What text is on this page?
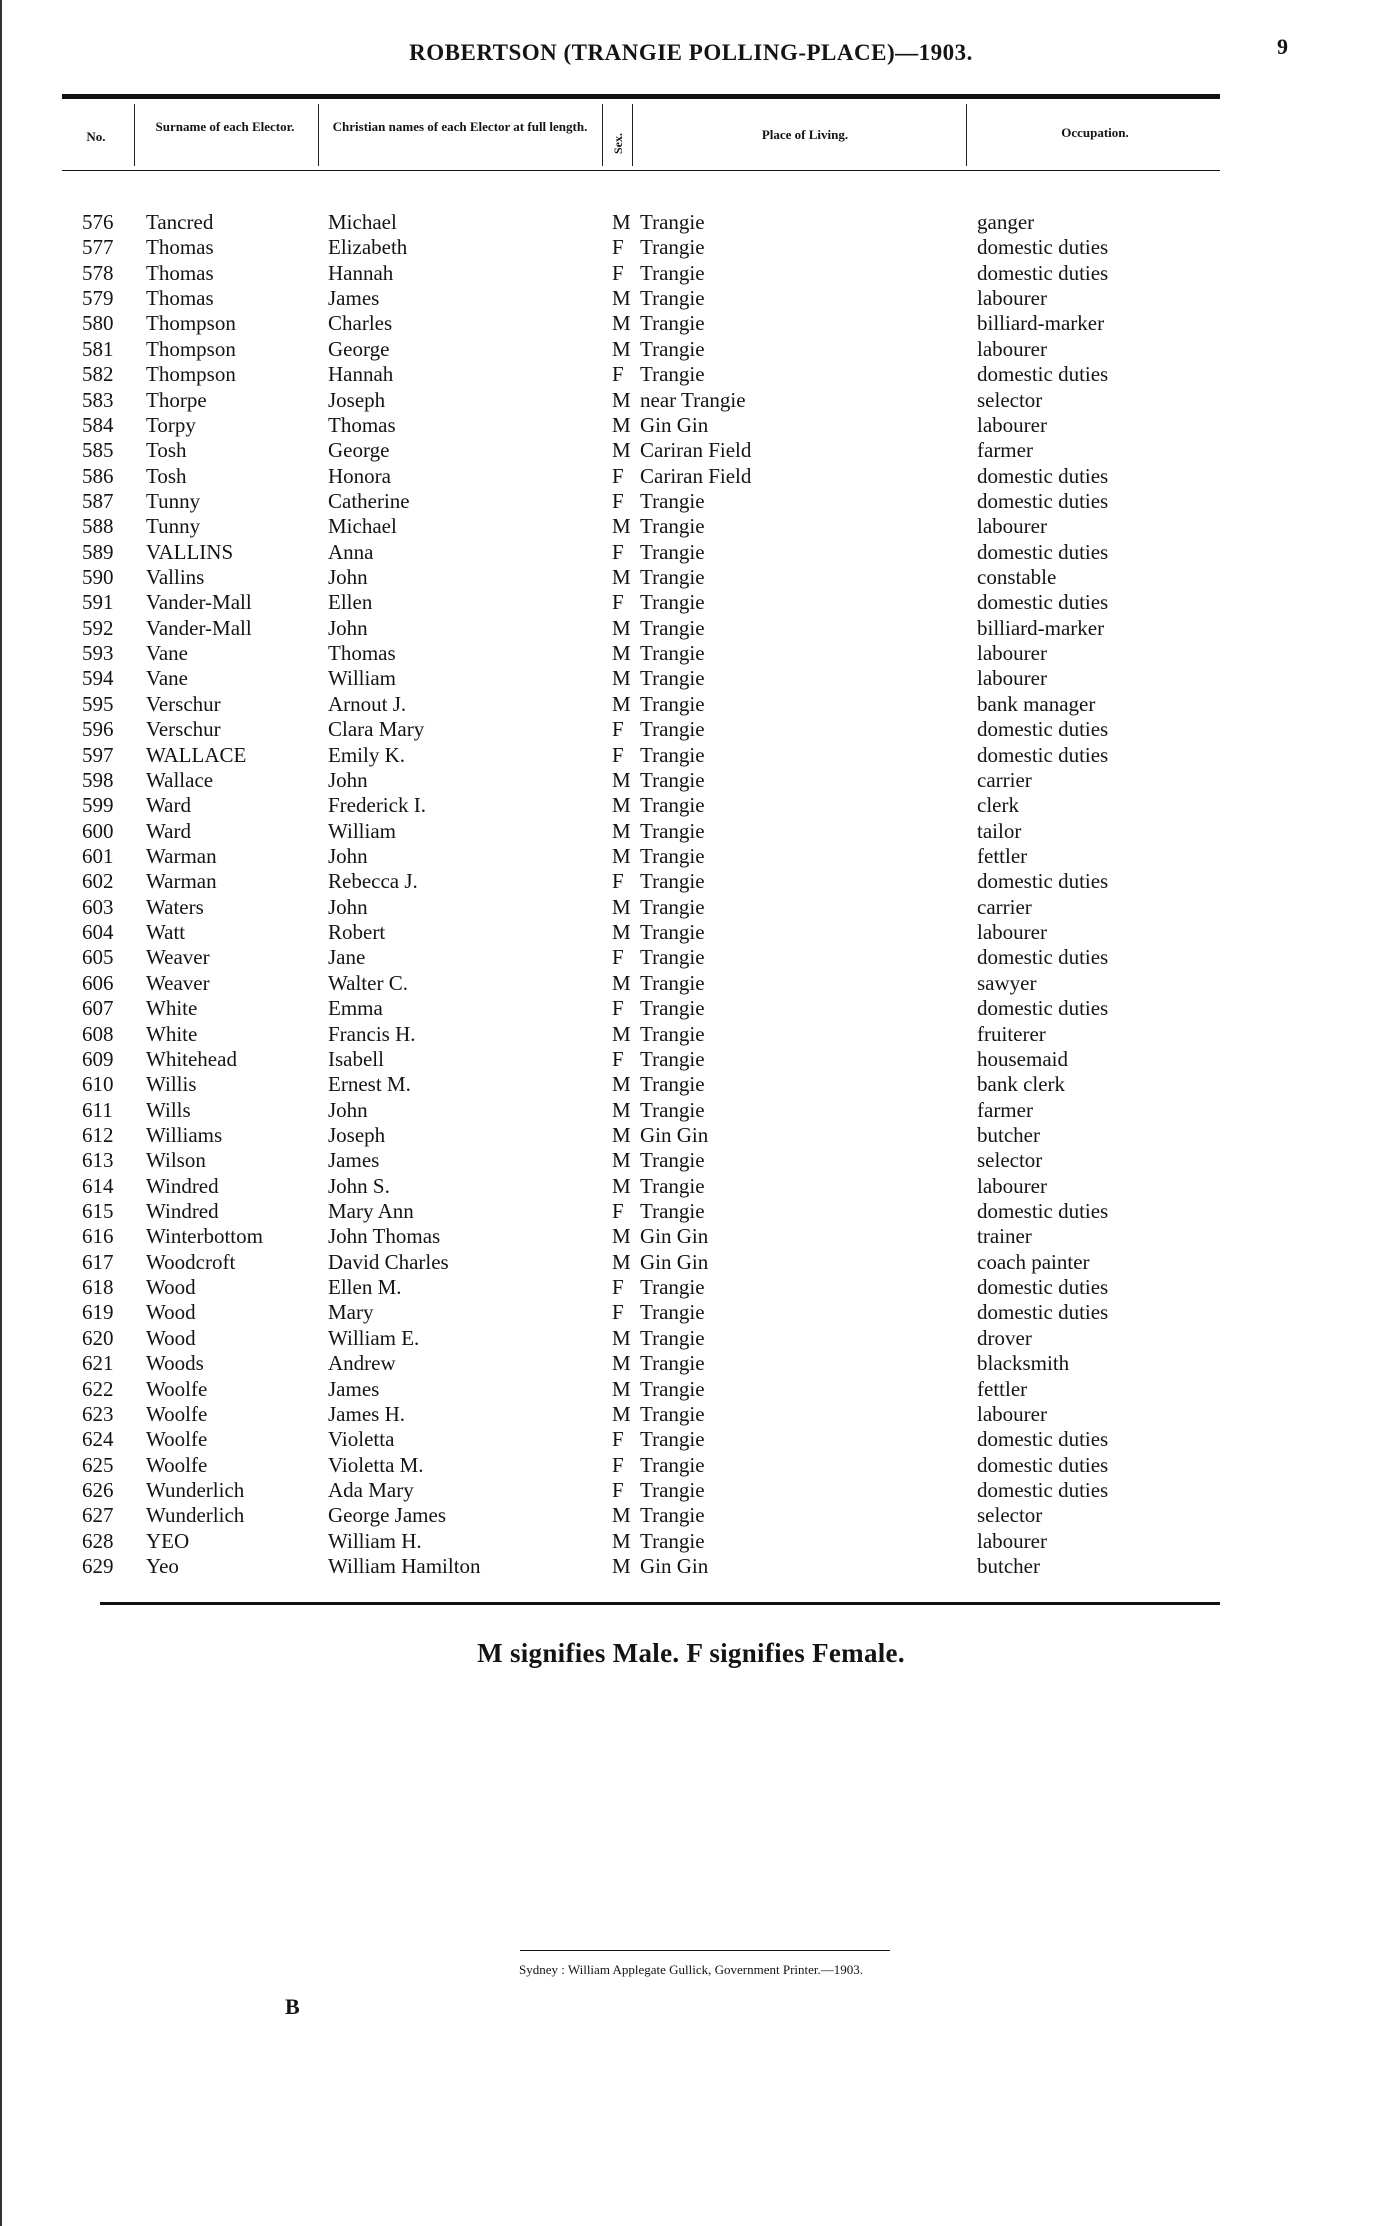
ROBERTSON (TRANGIE POLLING-PLACE)—1903.	9
No.
Surname of each Elector.	Christian names of each Elector at full length.
Sex.	Place of Living.	Occupation.
576 Tancred	Michael	M Trangie	ganger
577 Thomas	Elizabeth	F Trangie	domestic duties
578 Thomas	Hannah	F Trangie	domestic duties
579 Thomas	James	M Trangie	labourer
580 Thompson	Charles	M Trangie	billiard-marker
581 Thompson	George	M Trangie	labourer
582 Thompson	Hannah	F Trangie	domestic duties
583 Thorpe	Joseph	M near Trangie	selector
584 Torpy	Thomas	M Gin Gin	labourer
585 Tosh	George	M Cariran Field	farmer
586 Tosh	Honora	F Cariran Field	domestic duties
587 Tunny	Catherine	F Trangie	domestic duties
588 Tunny	Michael	M Trangie	labourer
589 VALLINS	Anna	F Trangie	domestic duties
590 Vallins	John	M Trangie	constable
591 Vander-Mall	Ellen	F Trangie	domestic duties
592 Vander-Mall	John	M Trangie	billiard-marker
593 Vane	Thomas	M Trangie	labourer
594 Vane	William	M Trangie	labourer
595 Verschur	Arnout J.	M Trangie	bank manager
596 Verschur	Clara Mary	F Trangie	domestic duties
597 WALLACE	Emily K.	F Trangie	domestic duties
598 Wallace	John	M Trangie	carrier
599 Ward	Frederick I.	M Trangie	clerk
600 Ward	William	M Trangie	tailor
601 Warman	John	M Trangie	fettler
602 Warman	Rebecca J.	F Trangie	domestic duties
603 Waters	John	M Trangie	carrier
604 Watt	Robert	M Trangie	labourer
605 Weaver	Jane	F Trangie	domestic duties
606 Weaver	Walter C.	M Trangie	sawyer
607 White	Emma	F Trangie	domestic duties
608 White	Francis H.	M Trangie	fruiterer
609 Whitehead	Isabell	F Trangie	housemaid
610 Willis	Ernest M.	M Trangie	bank clerk
611 Wills	John	M Trangie	farmer
612 Williams	Joseph	M Gin Gin	butcher
613 Wilson	James	M Trangie	selector
614 Windred	John S.	M Trangie	labourer
615 Windred	Mary Ann	F Trangie	domestic duties
616 Winterbottom	John Thomas	M Gin Gin	trainer
617 Woodcroft	David Charles	M Gin Gin	coach painter
618 Wood	Ellen M.	F Trangie	domestic duties
619 Wood	Mary	F Trangie	domestic duties
620 Wood	William E.	M Trangie	drover
621 Woods	Andrew	M Trangie	blacksmith
622 Woolfe	James	M Trangie	fettler
623 Woolfe	James H.	M Trangie	labourer
624 Woolfe	Violetta	F Trangie	domestic duties
625 Woolfe	Violetta M.	F Trangie	domestic duties
626 Wunderlich	Ada Mary	F Trangie	domestic duties
627 Wunderlich	George James	M Trangie	selector
628 YEO	William H.	M Trangie	labourer
629 Yeo	William Hamilton	M Gin Gin	butcher
M signifies Male. F signifies Female.
Sydney : William Applegate Gullick, Government Printer.—1903.
B
